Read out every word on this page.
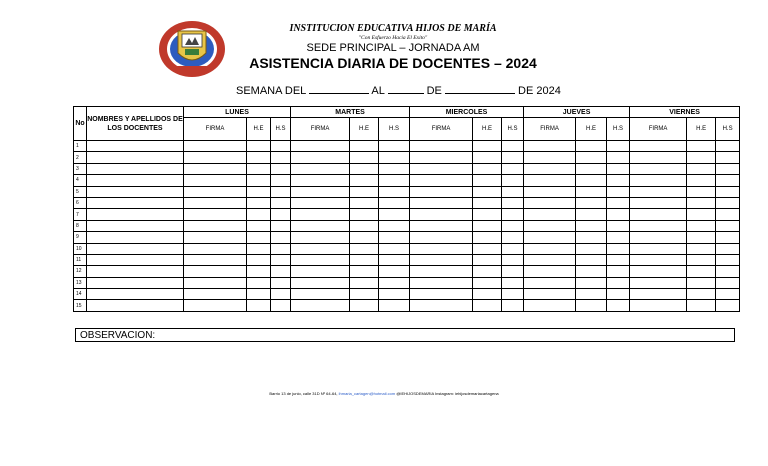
INSTITUCION EDUCATIVA HIJOS DE MARÍA
"Con Esfuerzo Hacia El Exito"
SEDE PRINCIPAL – JORNADA AM
ASISTENCIA DIARIA DE DOCENTES – 2024
SEMANA DEL	AL	DE	DE 2024
No	NOMBRES Y APELLIDOS DE LOS DOCENTES	LUNES			MARTES			MIERCOLES			JUEVES			VIERNES		
		FIRMA	H.E	H.S	FIRMA	H.E	H.S	FIRMA	H.E	H.S	FIRMA	H.E	H.S	FIRMA	H.E	H.S
1																
2																
3																
4																
5																
6																
7																
8																
9																
10																
11																
12																
13																
14																
15																
OBSERVACION:
Barrio 13 de junio, calle 31D Nº 64-64, ihmaria_cartagen@hotmail.com @IEHIJOSDEMARIA Instagram: iehijosdemariacartagena
